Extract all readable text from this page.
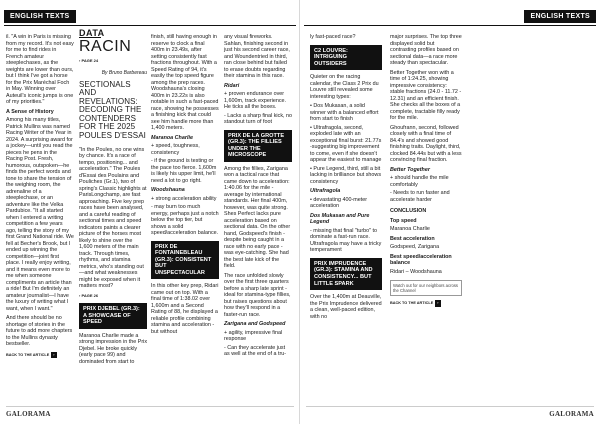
ENGLISH TEXTS

il. "A win in Paris is missing from my record. It's not easy for me to find rides in French amateur steeplechases, as the weights are lower than ours, but I think I've got a horse for the Prix Maréchal Foch in May. Winning over Auteuil's iconic jumps is one of my priorities."

A Sense of History

Among his many titles, Patrick Mullins was named Racing Writer of the Year in 2024. A surprising award for a jockey—until you read the pieces he pens in the Racing Post. Fresh, humorous, outspoken—he finds the perfect words and tone to share the tension of the weighing room, the adrenaline of a steeplechase, or an adventure like the Velka Pardubice. "It all started when I entered a writing competition a few years ago, telling the story of my first Grand National ride. We fell at Becher's Brook, but I ended up winning the competition—joint first place. I really enjoy writing, and it means even more to me when someone compliments an article than a ride! But I'm definitely an amateur journalist—I have the luxury of writing what I want, when I want."

And there should be no shortage of stories in the future to add more chapters to the Mullins dynasty bestseller.

BACK TO THE ARTICLE ›
DATA
RACIN
› PAGE 24
By Bruno Barbereau
SECTIONALS AND REVELATIONS: DECODING THE CONTENDERS FOR THE 2025 POULES D'ESSAI

"In the Poules, no one wins by chance. It's a race of tempo, positioning... and acceleration." The Poules d'Essai des Poulains and Pouliches (Gr.1), two of spring's Classic highlights at ParisLongchamp, are fast approaching. Five key prep races have been analysed, and a careful reading of sectional times and speed indicators paints a clearer picture of the horses most likely to shine over the 1,600 meters of the main track. Through times, rhythms, and stamina metrics, who's standing out—and what weaknesses might be exposed when it matters most?

› PAGE 26
PRIX DJEBEL (GR.3): A SHOWCASE OF SPEED

Maranoa Charlie made a strong impression in the Prix Djebel. He broke quickly (early pace 99) and dominated from start to

finish, still having enough in reserve to clock a final 400m in 23.49s, after setting consistently fast fractions throughout. With a Speed Rating of 94, it's easily the top speed figure among the prep races. Woodshauna's closing 400m in 23.22s is also notable in such a fast-paced race, showing he possesses a finishing kick that could see him handle more than 1,400 meters.

Maranoa Charlie
+ speed, toughness, consistency
- if the ground is testing or the pace too fierce. 1,600m is likely his upper limit, he'll need a lot to go right.
Woodshauna
+ strong acceleration ability
- may burn too much energy, perhaps just a notch below the top tier, but shows a solid speed/acceleration balance.
PRIX DE FONTAINEBLEAU (GR.3): CONSISTENT BUT UNSPECTACULAR

In this other key prep, Ridari came out on top. With a final time of 1:38.02 over 1,600m and a Second Rating of 88, he displayed a reliable profile combining stamina and acceleration - but without

any visual fireworks. Sahlan, finishing second in just his second career race, and Woundentried in third, ran close behind but failed to erase doubts regarding their stamina in this race.

Ridari
+ proven endurance over 1,600m, track experience. He ticks all the boxes.
- Lacks a sharp final kick, no standout turn of foot
PRIX DE LA GROTTE (GR.3): THE FILLIES UNDER THE MICROSCOPE

Among the fillies, Zarigana won a tactical race that came down to acceleration: 1:40.06 for the mile - average by international standards. Her final 400m, however, was quite strong. Shes Perfect lacks pure acceleration based on sectional data. On the other hand, Godspeed's finish - despite being caught in a race with no early pace - was eye-catching. She had the best late kick of the field.

The race unfolded slowly over the first three quarters before a sharp late sprint - ideal for stamina-type fillies, but raises questions about how they'll respond in a faster-run race.

Zarigana and Godspeed
+ agility, impressive final response
- Can they accelerate just as well at the end of a tru-
GALORAMA
ENGLISH TEXTS

ly fast-paced race?

C2 LOUVRE: INTRIGUING OUTSIDERS

Quieter on the racing calendar, the Class 2 Prix du Louvre still revealed some interesting types:

• Dos Mukasan, a solid winner with a balanced effort from start to finish
• Ultrafragola, second, exploded late with an exceptional final burst: 21.77s -suggesting big improvement to come, even if she doesn't appear the easiest to manage
• Pure Legend, third, still a bit lacking in brilliance but shows consistency
Ultrafragola
• devastating 400-meter acceleration
Dos Mukasan and Pure Legend
- missing that final "turbo" to dominate a fast-run race. Ultrafragola may have a tricky temperament
PRIX IMPRUDENCE (GR.3): STAMINA AND CONSISTENCY... BUT LITTLE SPARK

Over the 1,400m at Deauville, the Prix Imprudence delivered a clean, well-paced edition, with no

major surprises. The top three displayed solid but contrasting profiles based on sectional data—a race more steady than spectacular.

Better Together won with a time of 1:24.25, showing impressive consistency: stable fractions (24.0 - 11.72 - 12.31) and an efficient finish. She checks all the boxes of a complete, tractable filly ready for the mile.

Ghoufrann, second, followed closely with a final time of 84.4's and showed good finishing traits. Daylight, third, clocked 84.44s but with a less convincing final fraction.

Better Together
+ should handle the mile comfortably
- Needs to run faster and accelerate harder
CONCLUSION
Top speed
Maranoa Charlie
Best acceleration
Godspeed, Zarigana
Best speed/acceleration balance
Ridari – Woodshauna
Watch out for our neighbors across the Channel
BACK TO THE ARTICLE ›
GALORAMA
